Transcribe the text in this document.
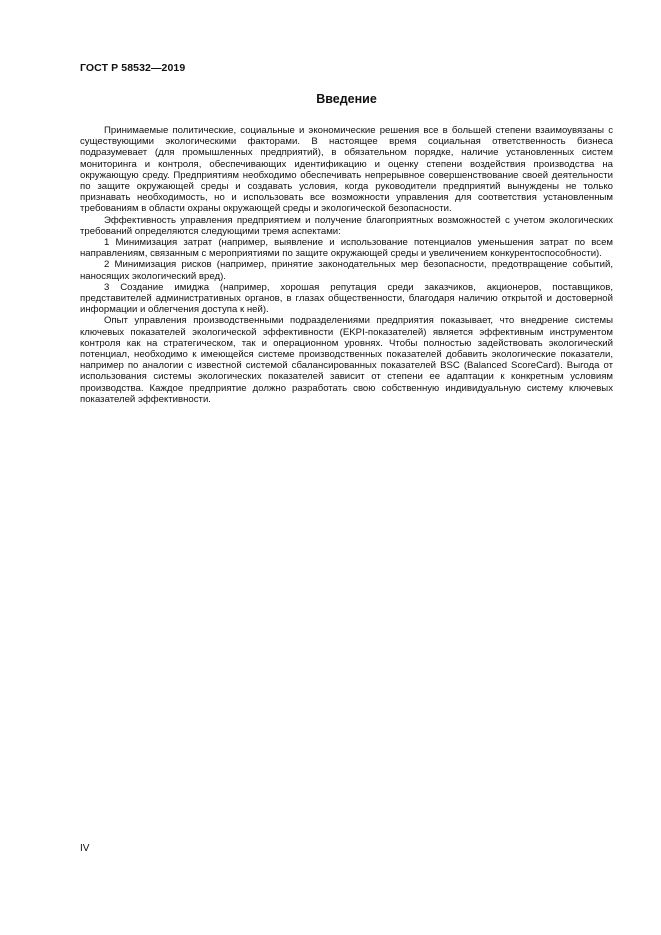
ГОСТ Р 58532—2019
Введение

Принимаемые политические, социальные и экономические решения все в большей степени взаимоувязаны с существующими экологическими факторами. В настоящее время социальная ответственность бизнеса подразумевает (для промышленных предприятий), в обязательном порядке, наличие установленных систем мониторинга и контроля, обеспечивающих идентификацию и оценку степени воздействия производства на окружающую среду. Предприятиям необходимо обеспечивать непрерывное совершенствование своей деятельности по защите окружающей среды и создавать условия, когда руководители предприятий вынуждены не только признавать необходимость, но и использовать все возможности управления для соответствия установленным требованиям в области охраны окружающей среды и экологической безопасности.

Эффективность управления предприятием и получение благоприятных возможностей с учетом экологических требований определяются следующими тремя аспектами:

1 Минимизация затрат (например, выявление и использование потенциалов уменьшения затрат по всем направлениям, связанным с мероприятиями по защите окружающей среды и увеличением конкурентоспособности).

2 Минимизация рисков (например, принятие законодательных мер безопасности, предотвращение событий, наносящих экологический вред).

3 Создание имиджа (например, хорошая репутация среди заказчиков, акционеров, поставщиков, представителей административных органов, в глазах общественности, благодаря наличию открытой и достоверной информации и облегчения доступа к ней).

Опыт управления производственными подразделениями предприятия показывает, что внедрение системы ключевых показателей экологической эффективности (EKPI-показателей) является эффективным инструментом контроля как на стратегическом, так и операционном уровнях. Чтобы полностью задействовать экологический потенциал, необходимо к имеющейся системе производственных показателей добавить экологические показатели, например по аналогии с известной системой сбалансированных показателей BSC (Balanced ScoreCard). Выгода от использования системы экологических показателей зависит от степени ее адаптации к конкретным условиям производства. Каждое предприятие должно разработать свою собственную индивидуальную систему ключевых показателей эффективности.

IV
